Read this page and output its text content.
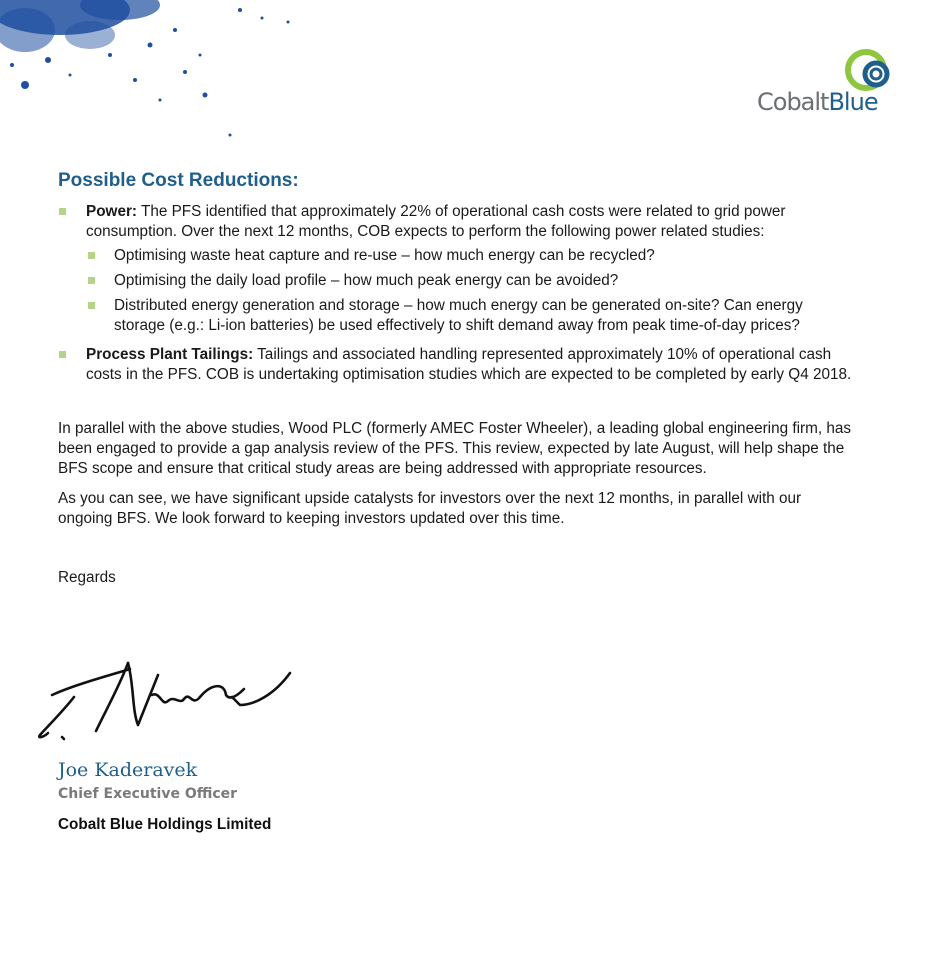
CobaltBlue
Possible Cost Reductions:
Power: The PFS identified that approximately 22% of operational cash costs were related to grid power
consumption. Over the next 12 months, COB expects to perform the following power related studies:
Optimising waste heat capture and re-use – how much energy can be recycled?
Optimising the daily load profile – how much peak energy can be avoided?
Distributed energy generation and storage – how much energy can be generated on-site? Can energy
storage (e.g.: Li-ion batteries) be used effectively to shift demand away from peak time-of-day prices?
Process Plant Tailings: Tailings and associated handling represented approximately 10% of operational cash
costs in the PFS. COB is undertaking optimisation studies which are expected to be completed by early Q4 2018.
In parallel with the above studies, Wood PLC (formerly AMEC Foster Wheeler), a leading global engineering firm, has
been engaged to provide a gap analysis review of the PFS. This review, expected by late August, will help shape the
BFS scope and ensure that critical study areas are being addressed with appropriate resources.
As you can see, we have significant upside catalysts for investors over the next 12 months, in parallel with our
ongoing BFS. We look forward to keeping investors updated over this time.
Regards
Joe Kaderavek
Chief Executive Officer
Cobalt Blue Holdings Limited
